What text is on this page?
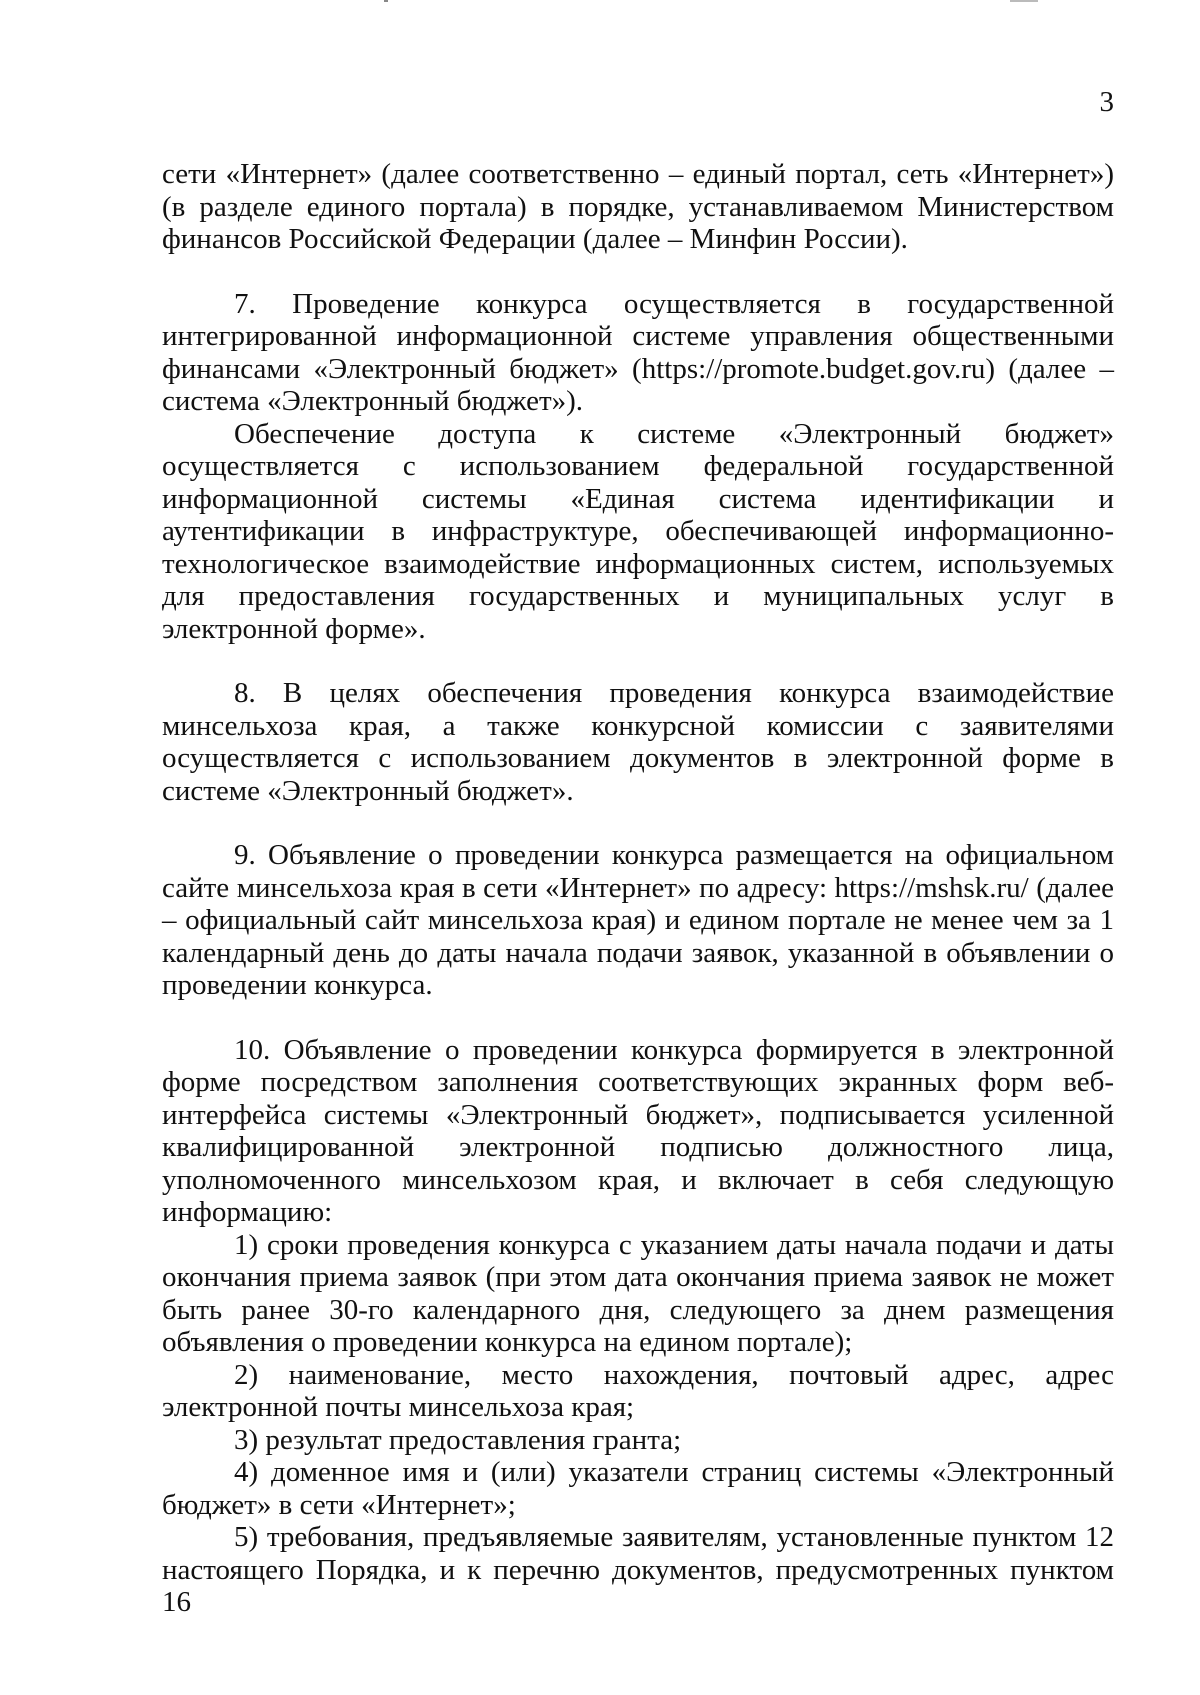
3

сети «Интернет» (далее соответственно – единый портал, сеть «Интернет») (в разделе единого портала) в порядке, устанавливаемом Министерством финансов Российской Федерации (далее – Минфин России).

7. Проведение конкурса осуществляется в государственной интегрированной информационной системе управления общественными финансами «Электронный бюджет» (https://promote.budget.gov.ru) (далее – система «Электронный бюджет»).

Обеспечение доступа к системе «Электронный бюджет» осуществляется с использованием федеральной государственной информационной системы «Единая система идентификации и аутентификации в инфраструктуре, обеспечивающей информационно-технологическое взаимодействие информационных систем, используемых для предоставления государственных и муниципальных услуг в электронной форме».

8. В целях обеспечения проведения конкурса взаимодействие минсельхоза края, а также конкурсной комиссии с заявителями осуществляется с использованием документов в электронной форме в системе «Электронный бюджет».

9. Объявление о проведении конкурса размещается на официальном сайте минсельхоза края в сети «Интернет» по адресу: https://mshsk.ru/ (далее – официальный сайт минсельхоза края) и едином портале не менее чем за 1 календарный день до даты начала подачи заявок, указанной в объявлении о проведении конкурса.

10. Объявление о проведении конкурса формируется в электронной форме посредством заполнения соответствующих экранных форм веб-интерфейса системы «Электронный бюджет», подписывается усиленной квалифицированной электронной подписью должностного лица, уполномоченного минсельхозом края, и включает в себя следующую информацию:

1) сроки проведения конкурса с указанием даты начала подачи и даты окончания приема заявок (при этом дата окончания приема заявок не может быть ранее 30-го календарного дня, следующего за днем размещения объявления о проведении конкурса на едином портале);

2) наименование, место нахождения, почтовый адрес, адрес электронной почты минсельхоза края;

3) результат предоставления гранта;

4) доменное имя и (или) указатели страниц системы «Электронный бюджет» в сети «Интернет»;

5) требования, предъявляемые заявителям, установленные пунктом 12 настоящего Порядка, и к перечню документов, предусмотренных пунктом 16
